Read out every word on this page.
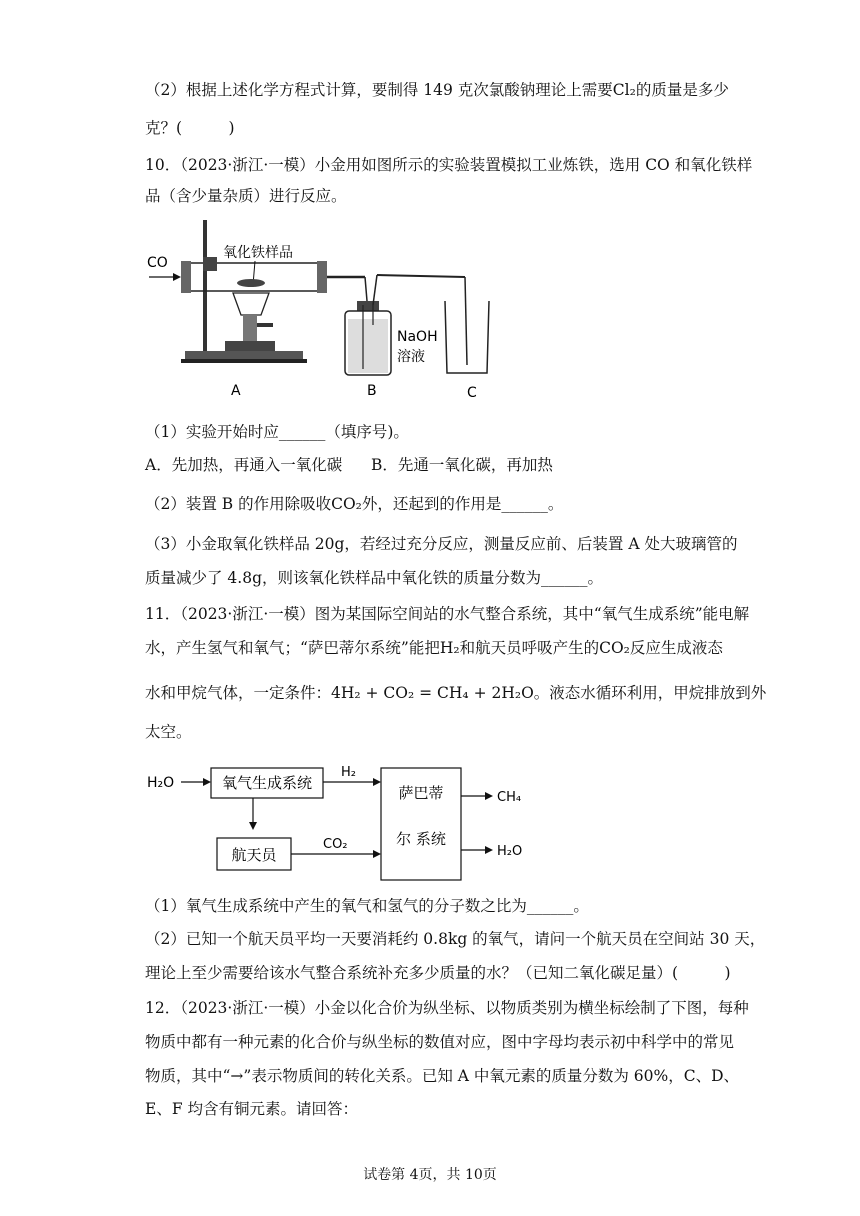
（2）根据上述化学方程式计算，要制得 149 克次氯酸钠理论上需要Cl₂的质量是多少
克？(　　　)
10．（2023·浙江·一模）小金用如图所示的实验装置模拟工业炼铁，选用 CO 和氧化铁样
品（含少量杂质）进行反应。
CO
氧化铁样品
NaOH
溶液
A	B	C
（1）实验开始时应______（填序号)。
A．先加热，再通入一氧化碳 B．先通一氧化碳，再加热
（2）装置 B 的作用除吸收CO₂外，还起到的作用是______。
（3）小金取氧化铁样品 20g，若经过充分反应，测量反应前、后装置 A 处大玻璃管的
质量减少了 4.8g，则该氧化铁样品中氧化铁的质量分数为______。
11．（2023·浙江·一模）图为某国际空间站的水气整合系统，其中“氧气生成系统”能电解
水，产生氢气和氧气；“萨巴蒂尔系统”能把H₂和航天员呼吸产生的CO₂反应生成液态
水和甲烷气体，一定条件：4H₂ + CO₂ = CH₄ + 2H₂O。液态水循环利用，甲烷排放到外
太空。
H₂O	氧气生成系统
H₂
航天员
CO₂
萨巴蒂
尔 系统
CH₄
H₂O
（1）氧气生成系统中产生的氧气和氢气的分子数之比为______。
（2）已知一个航天员平均一天要消耗约 0.8kg 的氧气，请问一个航天员在空间站 30 天，
理论上至少需要给该水气整合系统补充多少质量的水？（已知二氧化碳足量）(　　　)
12．（2023·浙江·一模）小金以化合价为纵坐标、以物质类别为横坐标绘制了下图，每种
物质中都有一种元素的化合价与纵坐标的数值对应，图中字母均表示初中科学中的常见
物质，其中“→”表示物质间的转化关系。已知 A 中氧元素的质量分数为 60%，C、D、
E、F 均含有铜元素。请回答：
试卷第 4页，共 10页
